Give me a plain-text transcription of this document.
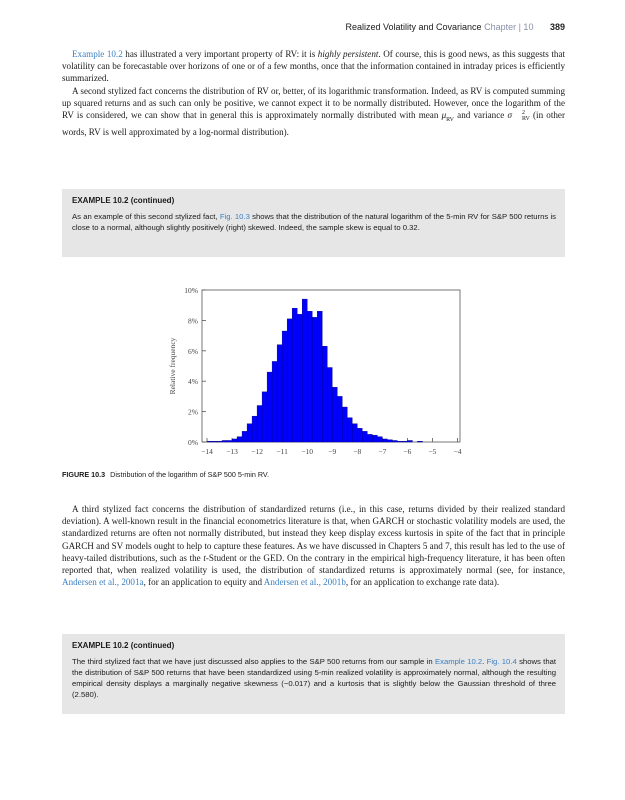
Realized Volatility and Covariance Chapter | 10 389

Example 10.2 has illustrated a very important property of RV: it is highly persistent. Of course, this is good news, as this suggests that volatility can be forecastable over horizons of one or of a few months, once that the information contained in intraday prices is efficiently summarized.

A second stylized fact concerns the distribution of RV or, better, of its logarithmic transformation. Indeed, as RV is computed summing up squared returns and as such can only be positive, we cannot expect it to be normally distributed. However, once the logarithm of the RV is considered, we can show that in general this is approximately normally distributed with mean $\mu_{RV}$ and variance σ	2
RV (in other words, RV is well approximated by a log-normal distribution).

EXAMPLE 10.2 (continued)

As an example of this second stylized fact, Fig. 10.3 shows that the distribution of the natural logarithm of the 5-min RV for S&P 500 returns is close to a normal, although slightly positively (right) skewed. Indeed, the sample skew is equal to 0.32.

0%
2%
4%
6%
8%
10%
−14 −13 −12 −11 −10 −9 −8 −7 −6 −5 −4
Relative frequency
FIGURE 10.3 Distribution of the logarithm of S&P 500 5-min RV.

A third stylized fact concerns the distribution of standardized returns (i.e., in this case, returns divided by their realized standard deviation). A well-known result in the financial econometrics literature is that, when GARCH or stochastic volatility models are used, the standardized returns are often not normally distributed, but instead they keep display excess kurtosis in spite of the fact that in principle GARCH and SV models ought to help to capture these features. As we have discussed in Chapters 5 and 7, this result has led to the use of heavy-tailed distributions, such as the t-Student or the GED. On the contrary in the empirical high-frequency literature, it has been often reported that, when realized volatility is used, the distribution of standardized returns is approximately normal (see, for instance, Andersen et al., 2001a, for an application to equity and Andersen et al., 2001b, for an application to exchange rate data).

EXAMPLE 10.2 (continued)

The third stylized fact that we have just discussed also applies to the S&P 500 returns from our sample in Example 10.2. Fig. 10.4 shows that the distribution of S&P 500 returns that have been standardized using 5-min realized volatility is approximately normal, although the resulting empirical density displays a marginally negative skewness (−0.017) and a kurtosis that is slightly below the Gaussian threshold of three (2.580).
